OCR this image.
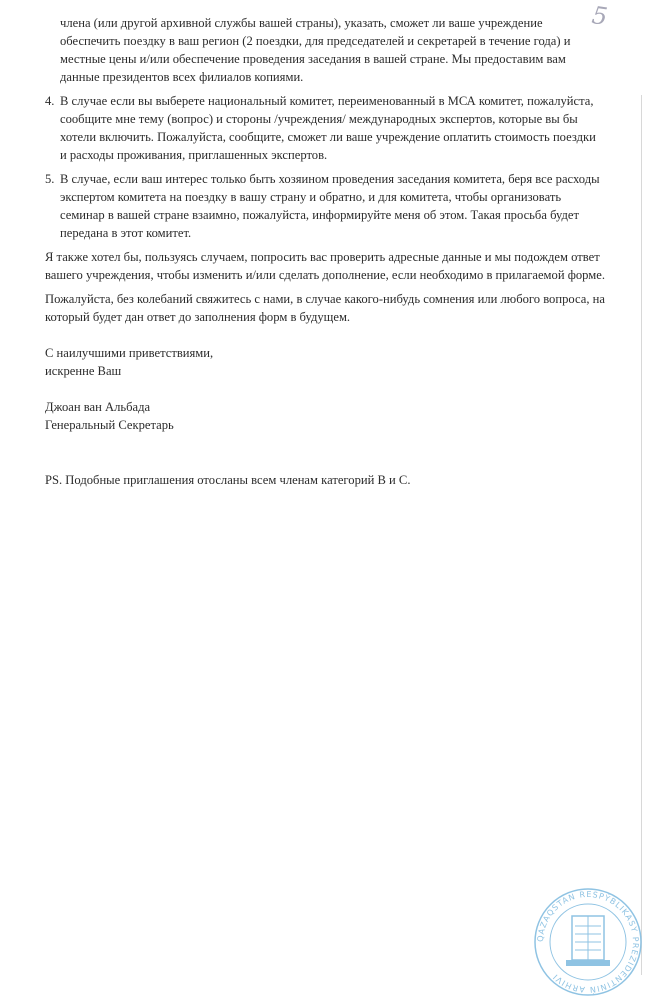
5

члена (или другой архивной службы вашей страны), указать, сможет ли ваше учреждение обеспечить поездку в ваш регион (2 поездки, для председателей и секретарей в течение года) и местные цены и/или обеспечение проведения заседания в вашей стране. Мы предоставим вам данные президентов всех филиалов копиями.

4. В случае если вы выберете национальный комитет, переименованный в МСА комитет, пожалуйста, сообщите мне тему (вопрос) и стороны /учреждения/ международных экспертов, которые вы бы хотели включить. Пожалуйста, сообщите, сможет ли ваше учреждение оплатить стоимость поездки и расходы проживания, приглашенных экспертов.
5. В случае, если ваш интерес только быть хозяином проведения заседания комитета, беря все расходы экспертом комитета на поездку в вашу страну и обратно, и для комитета, чтобы организовать семинар в вашей стране взаимно, пожалуйста, информируйте меня об этом. Такая просьба будет передана в этот комитет.

Я также хотел бы, пользуясь случаем, попросить вас проверить адресные данные и мы подождем ответ вашего учреждения, чтобы изменить и/или сделать дополнение, если необходимо в прилагаемой форме.

Пожалуйста, без колебаний свяжитесь с нами, в случае какого-нибудь сомнения или любого вопроса, на который будет дан ответ до заполнения форм в будущем.

С наилучшими приветствиями,
искренне Ваш
Джоан ван Альбада
Генеральный Секретарь
PS. Подобные приглашения отосланы всем членам категорий B и C.
QAZAQSTAN RESPÝBLIKASY PREZIDENTINIŃ ARHIVI
